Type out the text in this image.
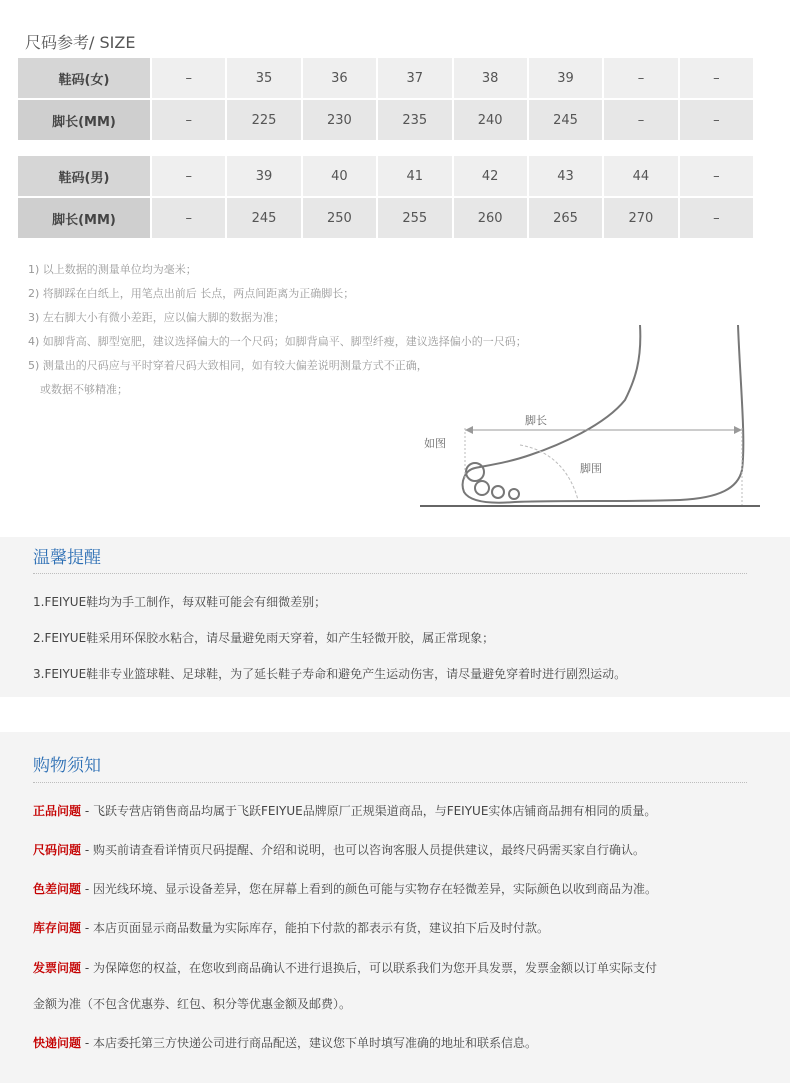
尺码参考/ SIZE
鞋码(女)	–	35	36	37	38	39	–	–
脚长(MM)	–	225	230	235	240	245	–	–
鞋码(男)	–	39	40	41	42	43	44	–
脚长(MM)	–	245	250	255	260	265	270	–
1) 以上数据的测量单位均为毫米；
2) 将脚踩在白纸上，用笔点出前后 长点，两点间距离为正确脚长；
3) 左右脚大小有微小差距，应以偏大脚的数据为准；
4) 如脚背高、脚型宽肥，建议选择偏大的一个尺码；如脚背扁平、脚型纤瘦，建议选择偏小的一尺码；
5) 测量出的尺码应与平时穿着尺码大致相同，如有较大偏差说明测量方式不正确，
或数据不够精准；
脚长
如图
脚围
温馨提醒
1.FEIYUE鞋均为手工制作，每双鞋可能会有细微差别；
2.FEIYUE鞋采用环保胶水粘合，请尽量避免雨天穿着，如产生轻微开胶，属正常现象；
3.FEIYUE鞋非专业篮球鞋、足球鞋，为了延长鞋子寿命和避免产生运动伤害，请尽量避免穿着时进行剧烈运动。
购物须知
正品问题 - 飞跃专营店销售商品均属于飞跃FEIYUE品牌原厂正规渠道商品，与FEIYUE实体店铺商品拥有相同的质量。
尺码问题 - 购买前请查看详情页尺码提醒、介绍和说明，也可以咨询客服人员提供建议，最终尺码需买家自行确认。
色差问题 - 因光线环境、显示设备差异，您在屏幕上看到的颜色可能与实物存在轻微差异，实际颜色以收到商品为准。
库存问题 - 本店页面显示商品数量为实际库存，能拍下付款的都表示有货，建议拍下后及时付款。
发票问题 - 为保障您的权益，在您收到商品确认不进行退换后，可以联系我们为您开具发票，发票金额以订单实际支付
金额为准（不包含优惠券、红包、积分等优惠金额及邮费）。
快递问题 - 本店委托第三方快递公司进行商品配送，建议您下单时填写准确的地址和联系信息。
